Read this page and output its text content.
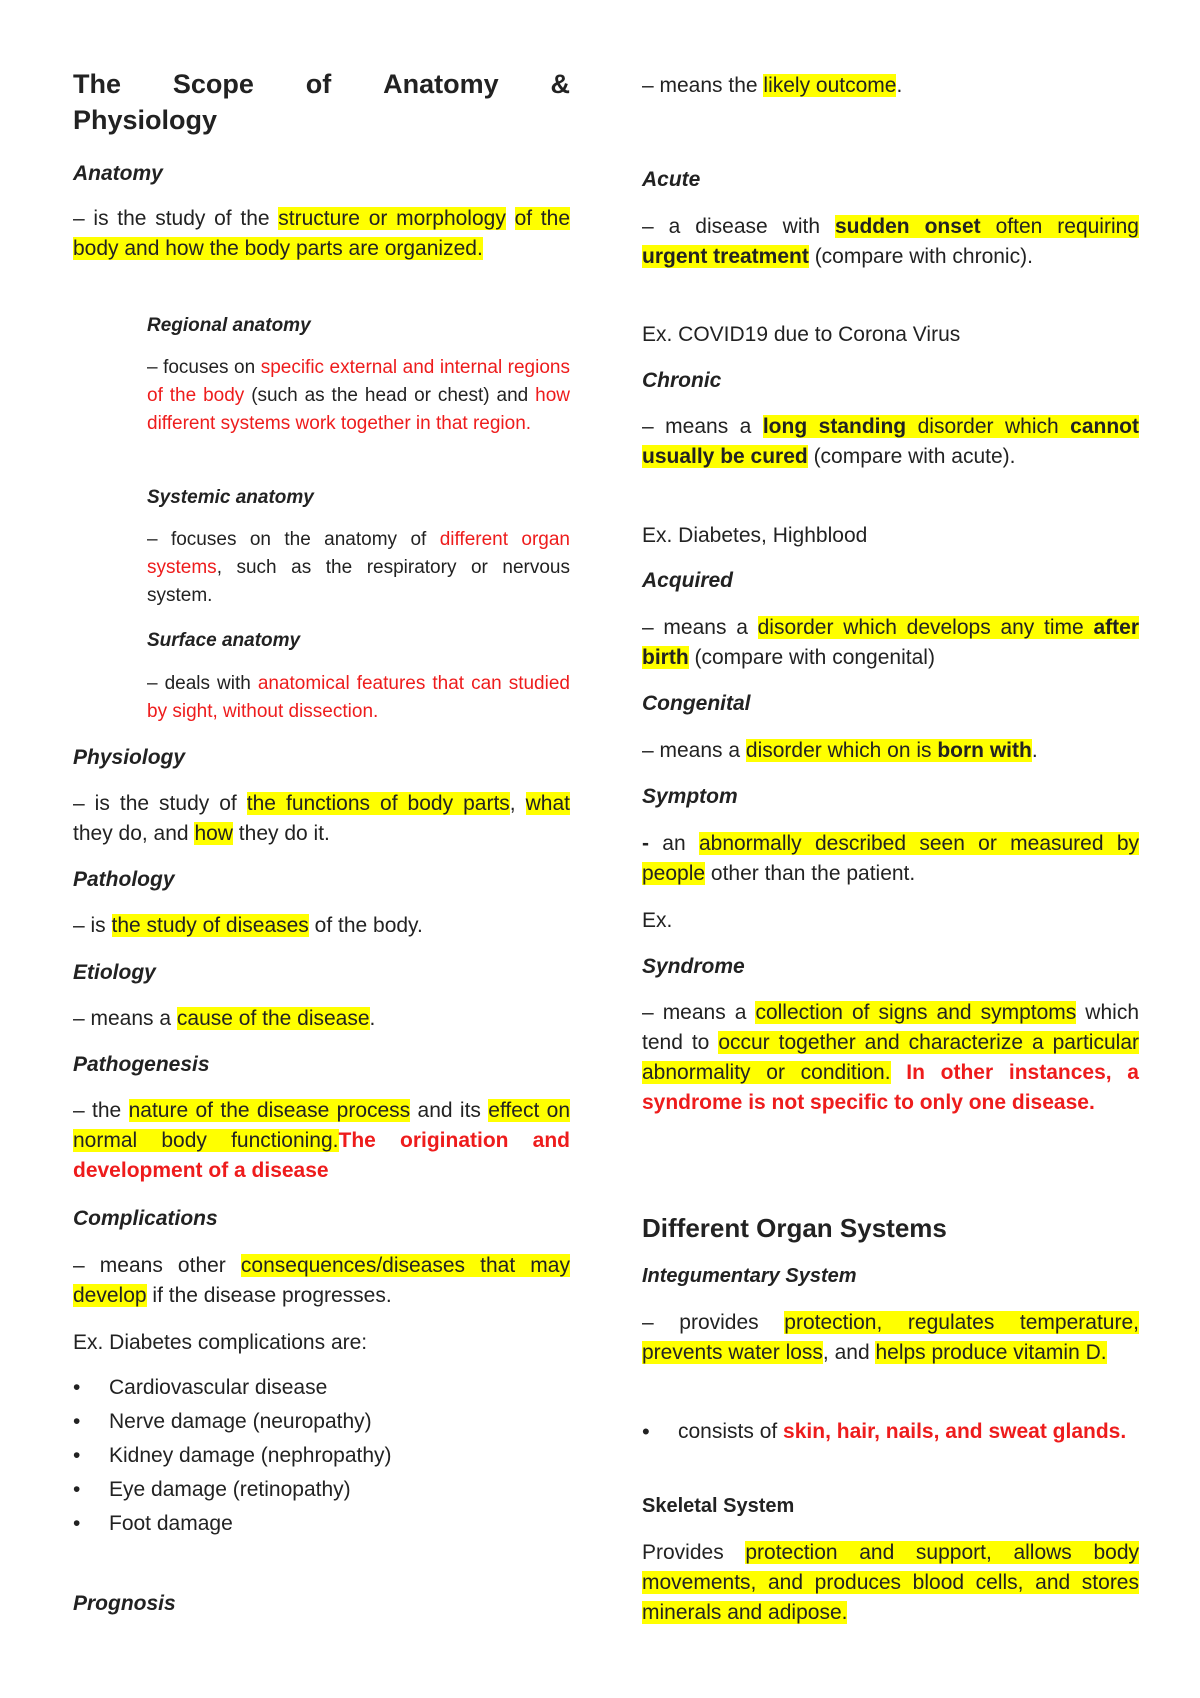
The Scope of Anatomy &
Physiology
Anatomy
– is the study of the structure or morphology of the body and how the body parts are organized.
Regional anatomy
– focuses on specific external and internal regions of the body (such as the head or chest) and how different systems work together in that region.
Systemic anatomy
– focuses on the anatomy of different organ systems, such as the respiratory or nervous system.
Surface anatomy
– deals with anatomical features that can studied by sight, without dissection.
Physiology
– is the study of the functions of body parts, what they do, and how they do it.
Pathology
– is the study of diseases of the body.
Etiology
– means a cause of the disease.
Pathogenesis
– the nature of the disease process and its effect on normal body functioning.The origination and development of a disease
Complications
– means other consequences/diseases that may develop if the disease progresses.
Ex. Diabetes complications are:
• Cardiovascular disease
• Nerve damage (neuropathy)
• Kidney damage (nephropathy)
• Eye damage (retinopathy)
• Foot damage
Prognosis
– means the likely outcome.
Acute
– a disease with sudden onset often requiring urgent treatment (compare with chronic).
Ex. COVID19 due to Corona Virus
Chronic
– means a long standing disorder which cannot usually be cured (compare with acute).
Ex. Diabetes, Highblood
Acquired
– means a disorder which develops any time after birth (compare with congenital)
Congenital
– means a disorder which on is born with.
Symptom
- an abnormally described seen or measured by people other than the patient.
Ex.
Syndrome
– means a collection of signs and symptoms which tend to occur together and characterize a particular abnormality or condition. In other instances, a syndrome is not specific to only one disease.
Different Organ Systems
Integumentary System
– provides protection, regulates temperature, prevents water loss, and helps produce vitamin D.
• consists of skin, hair, nails, and sweat glands.
Skeletal System
Provides protection and support, allows body movements, and produces blood cells, and stores minerals and adipose.
